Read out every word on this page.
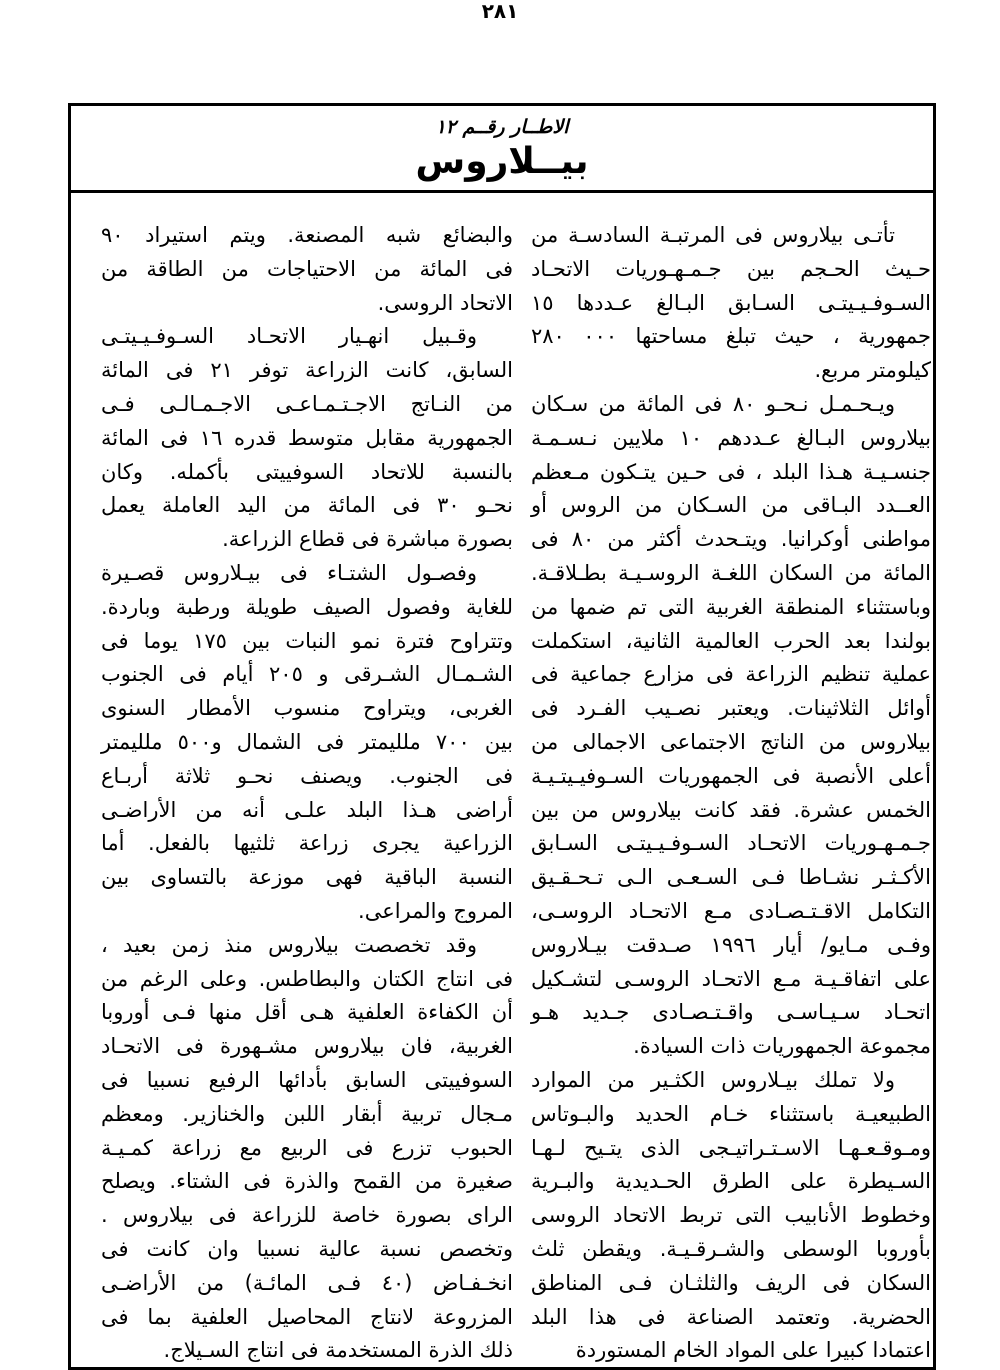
٢٨١
الاطــار رقــم ١٢
بيــلاروس

تأتـى بيلاروس فى المرتبـة السادسـة من
حـيث الحـجم بين جـمـهـوريات الاتحـاد
السـوفـيـيتـى السـابق البـالغ عـددها ١٥
جمهورية ، حيث تبلغ مساحتها ٠٠٠ ٢٨٠
كيلومتر مربع.

ويـحـمـل نـحـو ٨٠ فى المائة من سـكان
بيلاروس البـالغ عـددهم ١٠ ملايين نـسـمـة
جنسـيـة هـذا البلد ، فى حـين يتـكون مـعظم
العــدد البـاقى من السـكان من الروس أو
مواطنى أوكرانيا. ويتـحدث أكثر من ٨٠ فى
المائة من السكان اللغـة الروسـيـة بطـلاقـة.
وباستثناء المنطقة الغربية التى تم ضمها من
بولندا بعد الحرب العالمية الثانية، استكملت
عملية تنظيم الزراعة فى مزارع جماعية فى
أوائل الثلاثينات. ويعتبر نصـيب الفـرد فى
بيلاروس من الناتج الاجتماعى الاجمالى من
أعلى الأنصبة فى الجمهوريات السـوفيـيتـيـة
الخمس عشرة. فقد كانت بيلاروس من بين
جـمـهـوريات الاتحـاد السـوفـيـيتـى السـابق
الأكـثـر نشـاطا فـى السـعـى الـى تـحـقـيق
التكامل الاقـتـصـادى مـع الاتحـاد الروسـى،
وفـى مـايو/ أيار ١٩٩٦ صـدقت بيـلاروس
على اتفاقـيـة مـع الاتحـاد الروسـى لتشـكيل
اتحـاد سـيـاسـى واقـتـصـادى جـديد هـو
مجموعة الجمهوريات ذات السيادة.

ولا تملك بيـلاروس الكثـير من الموارد
الطبيعيـة باستثناء خـام الحديد والبـوتاس
ومـوقـعـهـا الاسـتـراتيـجى الذى يتـيح لـهـا
السـيطرة على الطرق الحـديدية والبـرية
وخطوط الأنابيب التى تربط الاتحاد الروسى
بأوروبا الوسطى والشـرقـيـة. ويقطن ثلث
السكان فى الريف والثلثـان فـى المناطق
الحضرية. وتعتمد الصناعة فى هذا البلد
اعتمادا كبيرا على المواد الخام المستوردة

والبضائع شبه المصنعة. ويتم استيراد ٩٠
فى المائة من الاحتياجات من الطاقة من
الاتحاد الروسى.

وقـبيل انهـيار الاتحـاد السـوفـيـيتـى
السابق، كانت الزراعة توفر ٢١ فى المائة
من النـاتج الاجـتـمـاعـى الاجـمـالـى فـى
الجمهورية مقابل متوسط قدره ١٦ فى المائة
بالنسبة للاتحاد السوفييتى بأكمله. وكان
نحـو ٣٠ فى المائة من اليد العاملة يعمل
بصورة مباشرة فى قطاع الزراعة.

وفصـول الشتـاء فى بيـلاروس قصـيرة
للغاية وفصول الصيف طويلة ورطبة وباردة.
وتتراوح فترة نمو النبات بين ١٧٥ يوما فى
الشـمـال الشـرقى و ٢٠٥ أيام فى الجنوب
الغربى، ويتراوح منسوب الأمطار السنوى
بين ٧٠٠ ملليمتر فى الشمال و٥٠٠ ملليمتر
فى الجنوب. ويصنف نحـو ثلاثة أربـاع
أراضى هـذا البلد علـى أنه من الأراضـى
الزراعية يجرى زراعة ثلثيها بالفعل. أما
النسبة الباقية فهى موزعة بالتساوى بين
المروج والمراعى.

وقد تخصصت بيلاروس منذ زمن بعيد ،
فى انتاج الكتان والبطاطس. وعلى الرغم من
أن الكفاءة العلفية هـى أقل منها فـى أوروبا
الغربية، فان بيلاروس مشـهورة فى الاتحـاد
السوفييتى السابق بأدائها الرفيع نسبيا فى
مـجال تربية أبقار اللبن والخنازير. ومعظم
الحبوب تزرع فى الربيع مع زراعة كمـيـة
صغيرة من القمح والذرة فى الشتاء. ويصلح
الراى بصورة خاصة للزراعة فى بيلاروس .
وتخصص نسبة عالية نسبيا وان كانت فى
انخـفـاض (٤٠ فـى المائـة) من الأراضـى
المزروعة لانتاج المحاصيل العلفية بما فى
ذلك الذرة المستخدمة فى انتاج السـيلاج.
